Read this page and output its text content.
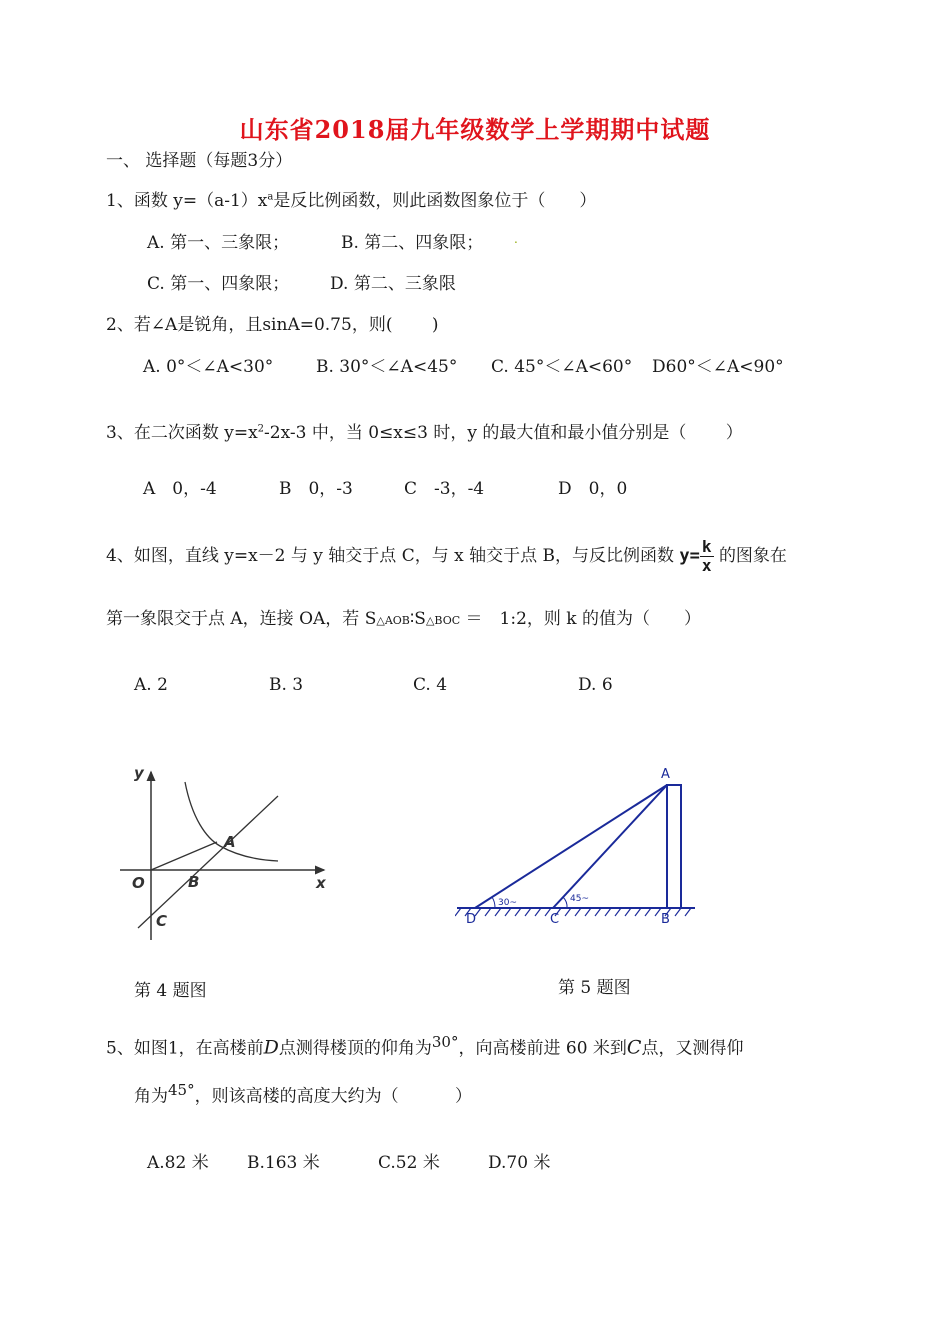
山东省2018届九年级数学上学期期中试题
一、 选择题（每题3分）
1、函数 $y=(a-1)x^a$是反比例函数，则此函数图象位于（　　）
A. 第一、三象限；	B. 第二、四象限；	.
C. 第一、四象限； D. 第二、三象限
2、若∠A是锐角，且sinA=0.75，则(　　 )
A. 0°＜∠A<30°	B. 30°＜∠A<45° C. 45°＜∠A<60° D60°＜∠A<90°
3、在二次函数 $y=x^2-2x-3$ 中，当 0≤x≤3 时，y 的最大值和最小值分别是（　　 ）
A　0，-4	B　0，-3	C　-3，-4	D　0，0
4、如图，直线 y=x－2 与 y 轴交于点 C，与 x 轴交于点 B，与反比例函数 $y= \frac{k}{x}$ 的图象在
第一象限交于点 A，连接 OA，若 S△AOB∶S△BOC ＝　1:2，则 k 的值为（　　）
A. 2	B. 3	C. 4	D. 6
y
x
O
A
B
C
第 4 题图
A
B
C
D
30~	45~
第 5 题图
5、如图1，在高楼前D点测得楼顶的仰角为30°，向高楼前进 60 米到C点，又测得仰
角为45°，则该高楼的高度大约为（　　　 ）
A.82 米 B.163 米	C.52 米	D.70 米
